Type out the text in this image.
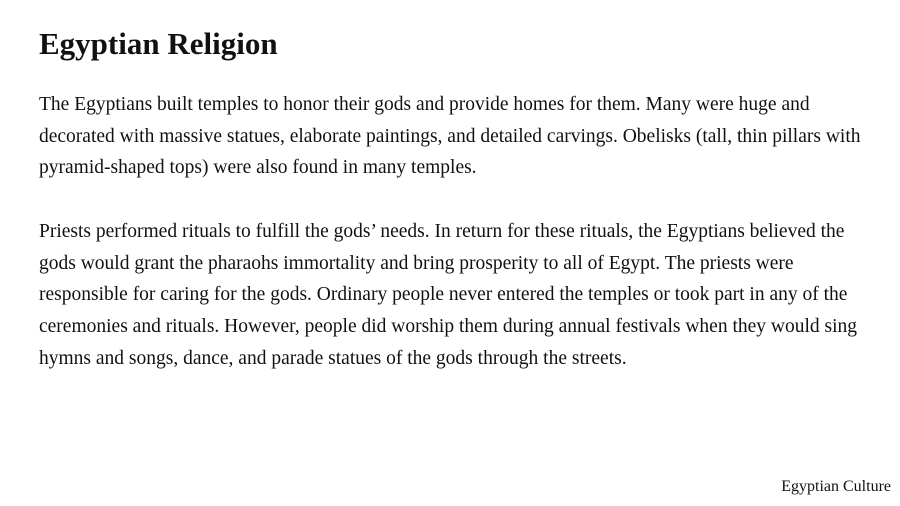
Egyptian Religion

The Egyptians built temples to honor their gods and provide homes for them. Many were huge and decorated with massive statues, elaborate paintings, and detailed carvings. Obelisks (tall, thin pillars with pyramid-shaped tops) were also found in many temples.

Priests performed rituals to fulfill the gods’ needs. In return for these rituals, the Egyptians believed the gods would grant the pharaohs immortality and bring prosperity to all of Egypt. The priests were responsible for caring for the gods. Ordinary people never entered the temples or took part in any of the ceremonies and rituals. However, people did worship them during annual festivals when they would sing hymns and songs, dance, and parade statues of the gods through the streets.

Egyptian Culture
